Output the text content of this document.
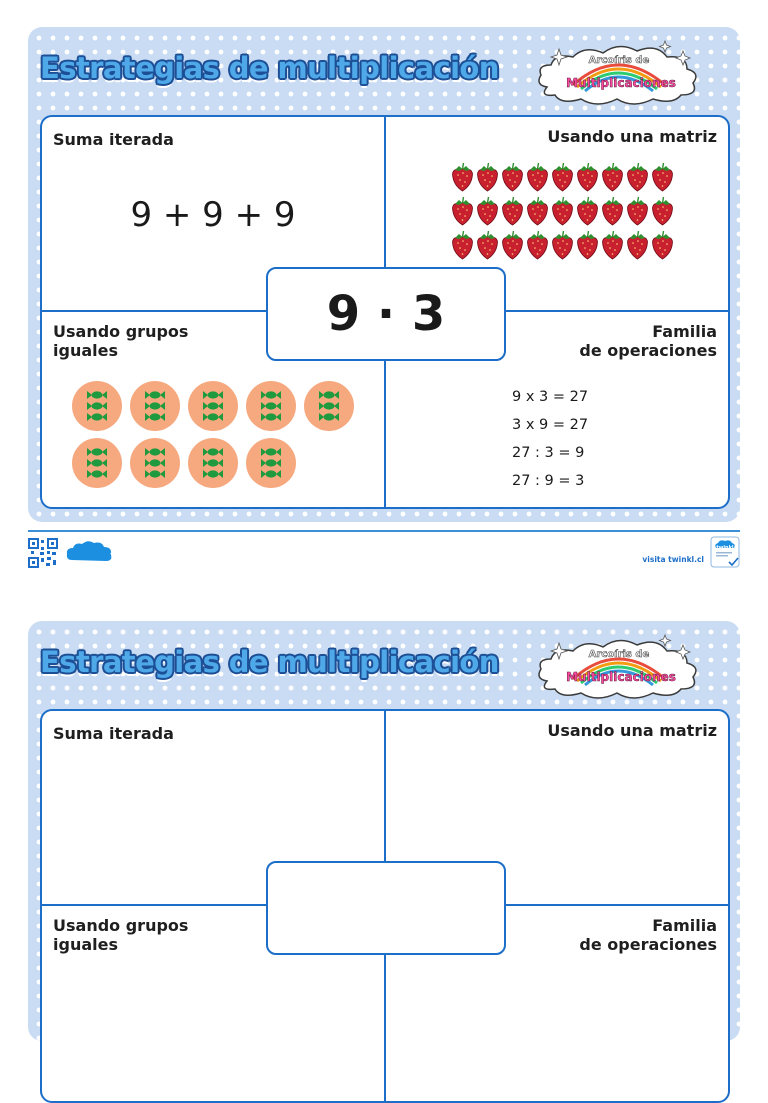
Estrategias de multiplicación	Arcoíris de
Multiplicaciones

Suma iterada	Usando una matriz

Usando grupos iguales

Familia
de operaciones

9 + 9 + 9
9 x 3 = 27
3 x 9 = 27
27 : 3 = 9
27 : 9 = 3
9 · 3
twinkl	visita twinkl.cl
twinkl
Estrategias de multiplicación	Arcoíris de
Multiplicaciones

Suma iterada	Usando una matriz

Usando grupos iguales

Familia
de operaciones
